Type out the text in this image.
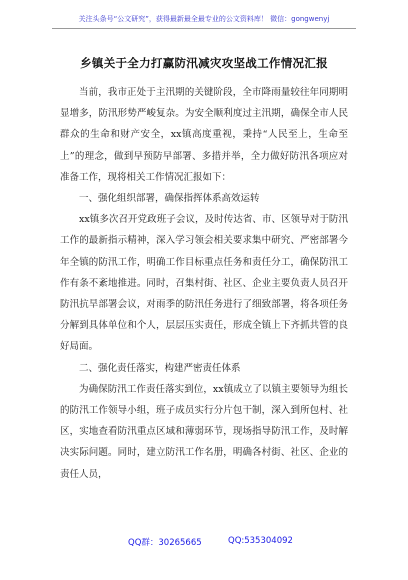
关注头条号“公文研究”，获得最新最全最专业的公文资料库！ 微信：gongwenyj
乡镇关于全力打赢防汛减灾攻坚战工作情况汇报

当前，我市正处于主汛期的关键阶段，全市降雨量较往年同期明显增多，防汛形势严峻复杂。为安全顺利度过主汛期，确保全市人民群众的生命和财产安全，xx镇高度重视，秉持“人民至上，生命至上”的理念，做到早预防早部署、多措并举，全力做好防汛各项应对准备工作，现将相关工作情况汇报如下：

一、强化组织部署，确保指挥体系高效运转

xx镇多次召开党政班子会议，及时传达省、市、区领导对于防汛工作的最新指示精神，深入学习领会相关要求集中研究、严密部署今年全镇的防汛工作，明确工作目标重点任务和责任分工，确保防汛工作有条不紊地推进。同时，召集村街、社区、企业主要负责人员召开防汛抗旱部署会议，对雨季的防汛任务进行了细致部署，将各项任务分解到具体单位和个人，层层压实责任，形成全镇上下齐抓共管的良好局面。

二、强化责任落实，构建严密责任体系

为确保防汛工作责任落实到位，xx镇成立了以镇主要领导为组长的防汛工作领导小组，班子成员实行分片包干制，深入到所包村、社区，实地查看防汛重点区域和薄弱环节，现场指导防汛工作，及时解决实际问题。同时，建立防汛工作名册，明确各村街、社区、企业的责任人员，

QQ群：30265665	QQ:535304092
